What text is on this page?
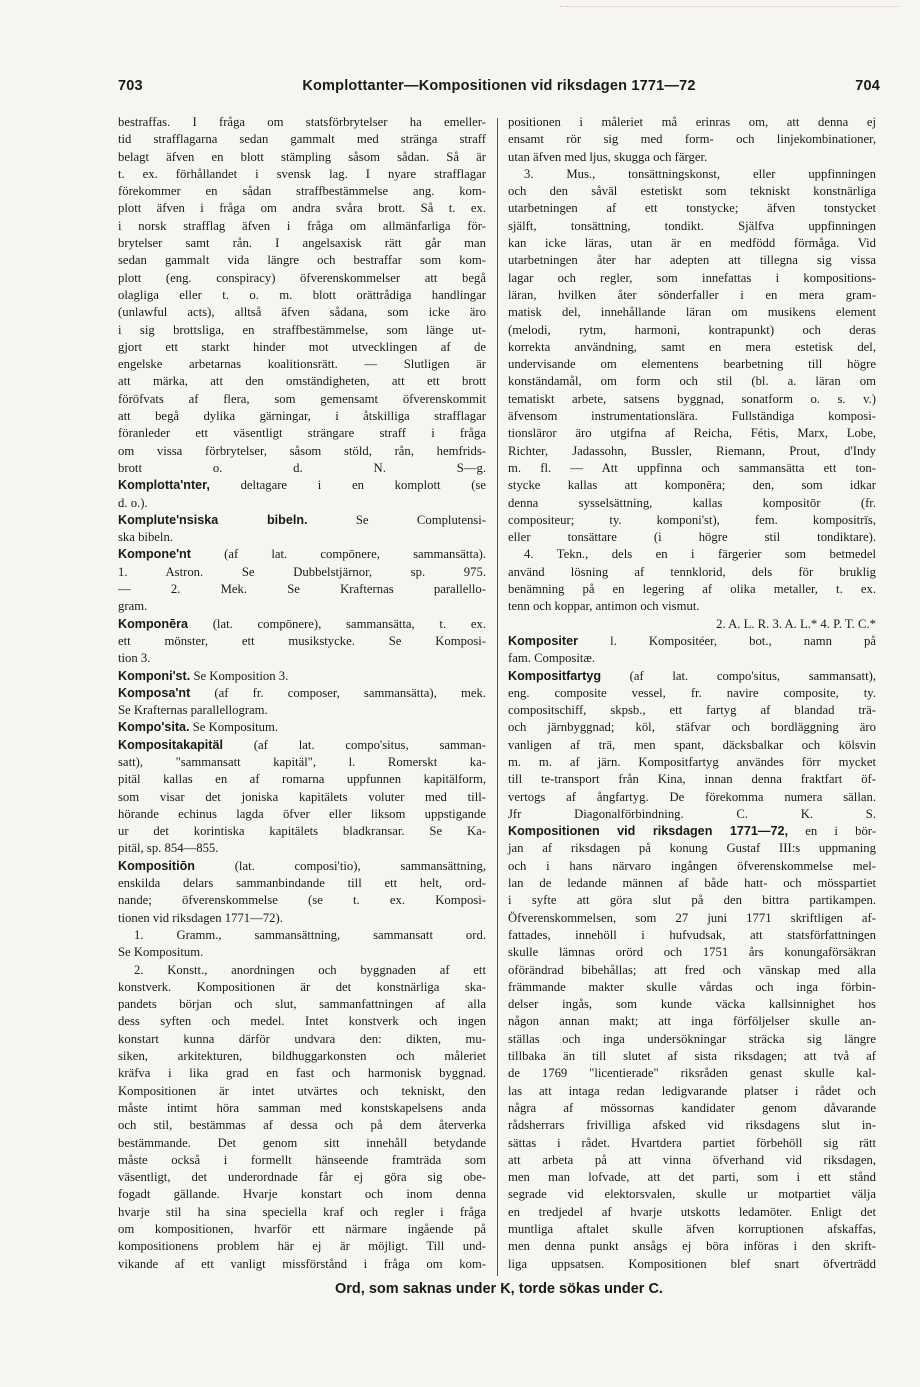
703	Komplottanter—Kompositionen vid riksdagen 1771—72	704
bestraffas. I fråga om statsförbrytelser ha emeller-
tid strafflagarna sedan gammalt med stränga straff
belagt äfven en blott stämpling såsom sådan. Så är
t. ex. förhållandet i svensk lag. I nyare strafflagar
förekommer en sådan straffbestämmelse ang. kom-
plott äfven i fråga om andra svåra brott. Så t. ex.
i norsk strafflag äfven i fråga om allmänfarliga för-
brytelser samt rån. I angelsaxisk rätt går man
sedan gammalt vida längre och bestraffar som kom-
plott (eng. conspiracy) öfverenskommelser att begå
olagliga eller t. o. m. blott orättrådiga handlingar
(unlawful acts), alltså äfven sådana, som icke äro
i sig brottsliga, en straffbestämmelse, som länge ut-
gjort ett starkt hinder mot utvecklingen af de
engelske arbetarnas koalitionsrätt. — Slutligen är
att märka, att den omständigheten, att ett brott
föröfvats af flera, som gemensamt öfverenskommit
att begå dylika gärningar, i åtskilliga strafflagar
föranleder ett väsentligt strängare straff i fråga
om vissa förbrytelser, såsom stöld, rån, hemfrids-
brott o. d. N. S—g.
Komplotta'nter, deltagare i en komplott (se
d. o.).
Komplute'nsiska bibeln. Se Complutensi-
ska bibeln.
Kompone'nt (af lat. compōnere, sammansätta).
1. Astron. Se Dubbelstjärnor, sp. 975.
— 2. Mek. Se Krafternas parallello-
gram.
Komponēra (lat. compōnere), sammansätta, t. ex.
ett mönster, ett musikstycke. Se Komposi-
tion 3.
Komponi'st. Se Komposition 3.
Komposa'nt (af fr. composer, sammansätta), mek.
Se Krafternas parallellogram.
Kompo'sita. Se Kompositum.
Kompositakapitäl (af lat. compo'situs, samman-
satt), "sammansatt kapitäl", l. Romerskt ka-
pitäl kallas en af romarna uppfunnen kapitälform,
som visar det joniska kapitälets voluter med till-
hörande echinus lagda öfver eller liksom uppstigande
ur det korintiska kapitälets bladkransar. Se Ka-
pitäl, sp. 854—855.
Kompositiōn (lat. composi'tio), sammansättning,
enskilda delars sammanbindande till ett helt, ord-
nande; öfverenskommelse (se t. ex. Komposi-
tionen vid riksdagen 1771—72).
1. Gramm., sammansättning, sammansatt ord.
Se Kompositum.
2. Konstt., anordningen och byggnaden af ett
konstverk. Kompositionen är det konstnärliga ska-
pandets början och slut, sammanfattningen af alla
dess syften och medel. Intet konstverk och ingen
konstart kunna därför undvara den: dikten, mu-
siken, arkitekturen, bildhuggarkonsten och måleriet
kräfva i lika grad en fast och harmonisk byggnad.
Kompositionen är intet utvärtes och tekniskt, den
måste intimt höra samman med konstskapelsens anda
och stil, bestämmas af dessa och på dem återverka
bestämmande. Det genom sitt innehåll betydande
måste också i formellt hänseende framträda som
väsentligt, det underordnade får ej göra sig obe-
fogadt gällande. Hvarje konstart och inom denna
hvarje stil ha sina speciella kraf och regler i fråga
om kompositionen, hvarför ett närmare ingående på
kompositionens problem här ej är möjligt. Till und-
vikande af ett vanligt missförstånd i fråga om kom-
positionen i måleriet må erinras om, att denna ej
ensamt rör sig med form- och linjekombinationer,
utan äfven med ljus, skugga och färger.
3. Mus., tonsättningskonst, eller uppfinningen
och den såväl estetiskt som tekniskt konstnärliga
utarbetningen af ett tonstycke; äfven tonstycket
själft, tonsättning, tondikt. Själfva uppfinningen
kan icke läras, utan är en medfödd förmåga. Vid
utarbetningen åter har adepten att tillegna sig vissa
lagar och regler, som innefattas i kompositions-
läran, hvilken åter sönderfaller i en mera gram-
matisk del, innehållande läran om musikens element
(melodi, rytm, harmoni, kontrapunkt) och deras
korrekta användning, samt en mera estetisk del,
undervisande om elementens bearbetning till högre
konständamål, om form och stil (bl. a. läran om
tematiskt arbete, satsens byggnad, sonatform o. s. v.)
äfvensom instrumentationslära. Fullständiga komposi-
tionsläror äro utgifna af Reicha, Fétis, Marx, Lobe,
Richter, Jadassohn, Bussler, Riemann, Prout, d'Indy
m. fl. — Att uppfinna och sammansätta ett ton-
stycke kallas att komponēra; den, som idkar
denna sysselsättning, kallas kompositōr (fr.
compositeur; ty. komponi'st), fem. kompositrīs,
eller tonsättare (i högre stil tondiktare).
4. Tekn., dels en i färgerier som betmedel
använd lösning af tennklorid, dels för bruklig
benämning på en legering af olika metaller, t. ex.
tenn och koppar, antimon och vismut.
2. A. L. R. 3. A. L.* 4. P. T. C.*
Kompositer l. Kompositéer, bot., namn på
fam. Compositæ.
Kompositfartyg (af lat. compo'situs, sammansatt),
eng. composite vessel, fr. navire composite, ty.
compositschiff, skpsb., ett fartyg af blandad trä-
och järnbyggnad; köl, stäfvar och bordläggning äro
vanligen af trä, men spant, däcksbalkar och kölsvin
m. m. af järn. Kompositfartyg användes förr mycket
till te-transport från Kina, innan denna fraktfart öf-
vertogs af ångfartyg. De förekomma numera sällan.
Jfr Diagonalförbindning. C. K. S.
Kompositionen vid riksdagen 1771—72, en i bör-
jan af riksdagen på konung Gustaf III:s uppmaning
och i hans närvaro ingången öfverenskommelse mel-
lan de ledande männen af både hatt- och mösspartiet
i syfte att göra slut på den bittra partikampen.
Öfverenskommelsen, som 27 juni 1771 skriftligen af-
fattades, innehöll i hufvudsak, att statsförfattningen
skulle lämnas orörd och 1751 års konungaförsäkran
oförändrad bibehållas; att fred och vänskap med alla
främmande makter skulle vårdas och inga förbin-
delser ingås, som kunde väcka kallsinnighet hos
någon annan makt; att inga förföljelser skulle an-
ställas och inga undersökningar sträcka sig längre
tillbaka än till slutet af sista riksdagen; att två af
de 1769 "licentierade" riksråden genast skulle kal-
las att intaga redan ledigvarande platser i rådet och
några af mössornas kandidater genom dåvarande
rådsherrars frivilliga afsked vid riksdagens slut in-
sättas i rådet. Hvartdera partiet förbehöll sig rätt
att arbeta på att vinna öfverhand vid riksdagen,
men man lofvade, att det parti, som i ett stånd
segrade vid elektorsvalen, skulle ur motpartiet välja
en tredjedel af hvarje utskotts ledamöter. Enligt det
muntliga aftalet skulle äfven korruptionen afskaffas,
men denna punkt ansågs ej böra införas i den skrift-
liga uppsatsen. Kompositionen blef snart öfverträdd
Ord, som saknas under K, torde sökas under C.
